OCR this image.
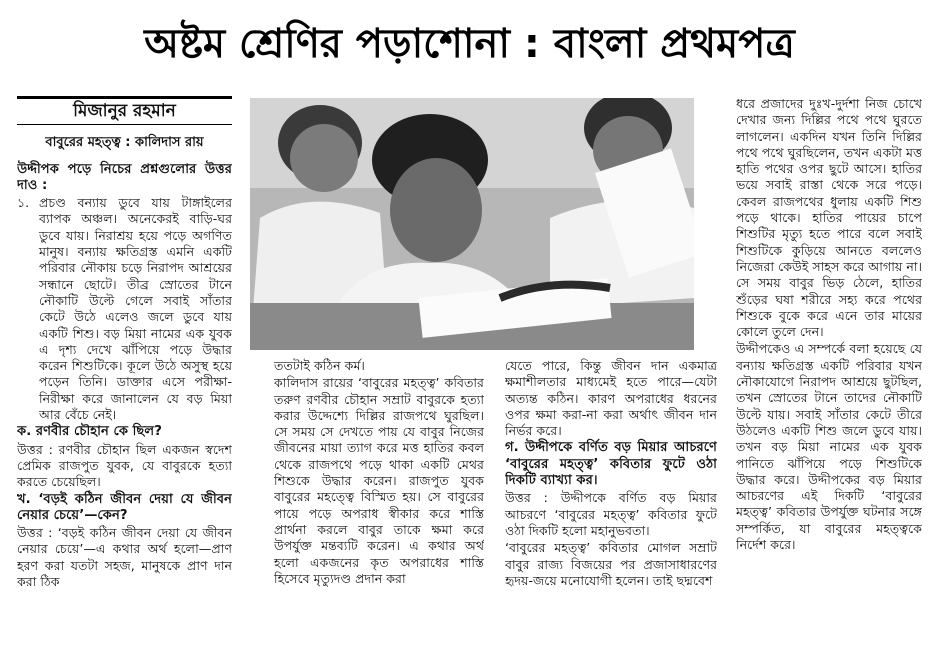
অষ্টম শ্রেণির পড়াশোনা : বাংলা প্রথমপত্র
মিজানুর রহমান
বাবুরের মহত্ত্ব : কালিদাস রায়

উদ্দীপক পড়ে নিচের প্রশ্নগুলোর উত্তর দাও :

১. প্রচণ্ড বন্যায় ডুবে যায় টাঙ্গাইলের ব্যাপক অঞ্চল। অনেকেরই বাড়ি-ঘর ডুবে যায়। নিরাশ্রয় হয়ে পড়ে অগণিত মানুষ। বন্যায় ক্ষতিগ্রস্ত এমনি একটি পরিবার নৌকায় চড়ে নিরাপদ আশ্রয়ের সন্ধানে ছোটে। তীব্র স্রোতের টানে নৌকাটি উল্টে গেলে সবাই সাঁতার কেটে উঠে এলেও জলে ডুবে যায় একটি শিশু। বড় মিয়া নামের এক যুবক এ দৃশ্য দেখে ঝাঁপিয়ে পড়ে উদ্ধার করেন শিশুটিকে। কূলে উঠে অসুস্থ হয়ে পড়েন তিনি। ডাক্তার এসে পরীক্ষা-নিরীক্ষা করে জানালেন যে বড় মিয়া আর বেঁচে নেই।

ক. রণবীর চৌহান কে ছিল?

উত্তর : রণবীর চৌহান ছিল একজন স্বদেশ প্রেমিক রাজপুত যুবক, যে বাবুরকে হত্যা করতে চেয়েছিল।

খ. ‘বড়ই কঠিন জীবন দেয়া যে জীবন নেয়ার চেয়ে’—কেন?

উত্তর : ‘বড়ই কঠিন জীবন দেয়া যে জীবন নেয়ার চেয়ে’—এ কথার অর্থ হলো—প্রাণ হরণ করা যতটা সহজ, মানুষকে প্রাণ দান করা ঠিক

ততটাই কঠিন কর্ম।

কালিদাস রায়ের ‘বাবুরের মহত্ত্ব’ কবিতার তরুণ রণবীর চৌহান সম্রাট বাবুরকে হত্যা করার উদ্দেশ্যে দিল্লির রাজপথে ঘুরছিল। সে সময় সে দেখতে পায় যে বাবুর নিজের জীবনের মায়া ত্যাগ করে মত্ত হাতির কবল থেকে রাজপথে পড়ে থাকা একটি মেথর শিশুকে উদ্ধার করেন। রাজপুত যুবক বাবুরের মহত্ত্বে বিস্মিত হয়। সে বাবুরের পায়ে পড়ে অপরাধ স্বীকার করে শাস্তি প্রার্থনা করলে বাবুর তাকে ক্ষমা করে উপর্যুক্ত মন্তব্যটি করেন। এ কথার অর্থ হলো একজনের কৃত অপরাধের শাস্তি হিসেবে মৃত্যুদণ্ড প্রদান করা

যেতে পারে, কিন্তু জীবন দান একমাত্র ক্ষমাশীলতার মাধ্যমেই হতে পারে—যেটা অত্যন্ত কঠিন। কারণ অপরাধের ধরনের ওপর ক্ষমা করা-না করা অর্থাৎ জীবন দান নির্ভর করে।

গ. উদ্দীপকে বর্ণিত বড় মিয়ার আচরণে ‘বাবুরের মহত্ত্ব’ কবিতার ফুটে ওঠা দিকটি ব্যাখ্যা কর।

উত্তর : উদ্দীপকে বর্ণিত বড় মিয়ার আচরণে ‘বাবুরের মহত্ত্ব’ কবিতার ফুটে ওঠা দিকটি হলো মহানুভবতা।

‘বাবুরের মহত্ত্ব’ কবিতার মোগল সম্রাট বাবুর রাজ্য বিজয়ের পর প্রজাসাধারণের হৃদয়-জয়ে মনোযোগী হলেন। তাই ছদ্মবেশ

ধরে প্রজাদের দুঃখ-দুর্দশা নিজ চোখে দেখার জন্য দিল্লির পথে পথে ঘুরতে লাগলেন। একদিন যখন তিনি দিল্লির পথে পথে ঘুরছিলেন, তখন একটা মত্ত হাতি পথের ওপর ছুটে আসে। হাতির ভয়ে সবাই রাস্তা থেকে সরে পড়ে। কেবল রাজপথের ধুলায় একটি শিশু পড়ে থাকে। হাতির পায়ের চাপে শিশুটির মৃত্যু হতে পারে বলে সবাই শিশুটিকে কুড়িয়ে আনতে বললেও নিজেরা কেউই সাহস করে আগায় না। সে সময় বাবুর ভিড় ঠেলে, হাতির শুঁড়ের ঘষা শরীরে সহ্য করে পথের শিশুকে বুকে করে এনে তার মায়ের কোলে তুলে দেন।

উদ্দীপকেও এ সম্পর্কে বলা হয়েছে যে বন্যায় ক্ষতিগ্রস্ত একটি পরিবার যখন নৌকাযোগে নিরাপদ আশ্রয়ে ছুটছিল, তখন স্রোতের টানে তাদের নৌকাটি উল্টে যায়। সবাই সাঁতার কেটে তীরে উঠলেও একটি শিশু জলে ডুবে যায়। তখন বড় মিয়া নামের এক যুবক পানিতে ঝাঁপিয়ে পড়ে শিশুটিকে উদ্ধার করে। উদ্দীপকের বড় মিয়ার আচরণের এই দিকটি ‘বাবুরের মহত্ত্ব’ কবিতার উপর্যুক্ত ঘটনার সঙ্গে সম্পর্কিত, যা বাবুরের মহত্ত্বকে নির্দেশ করে।
